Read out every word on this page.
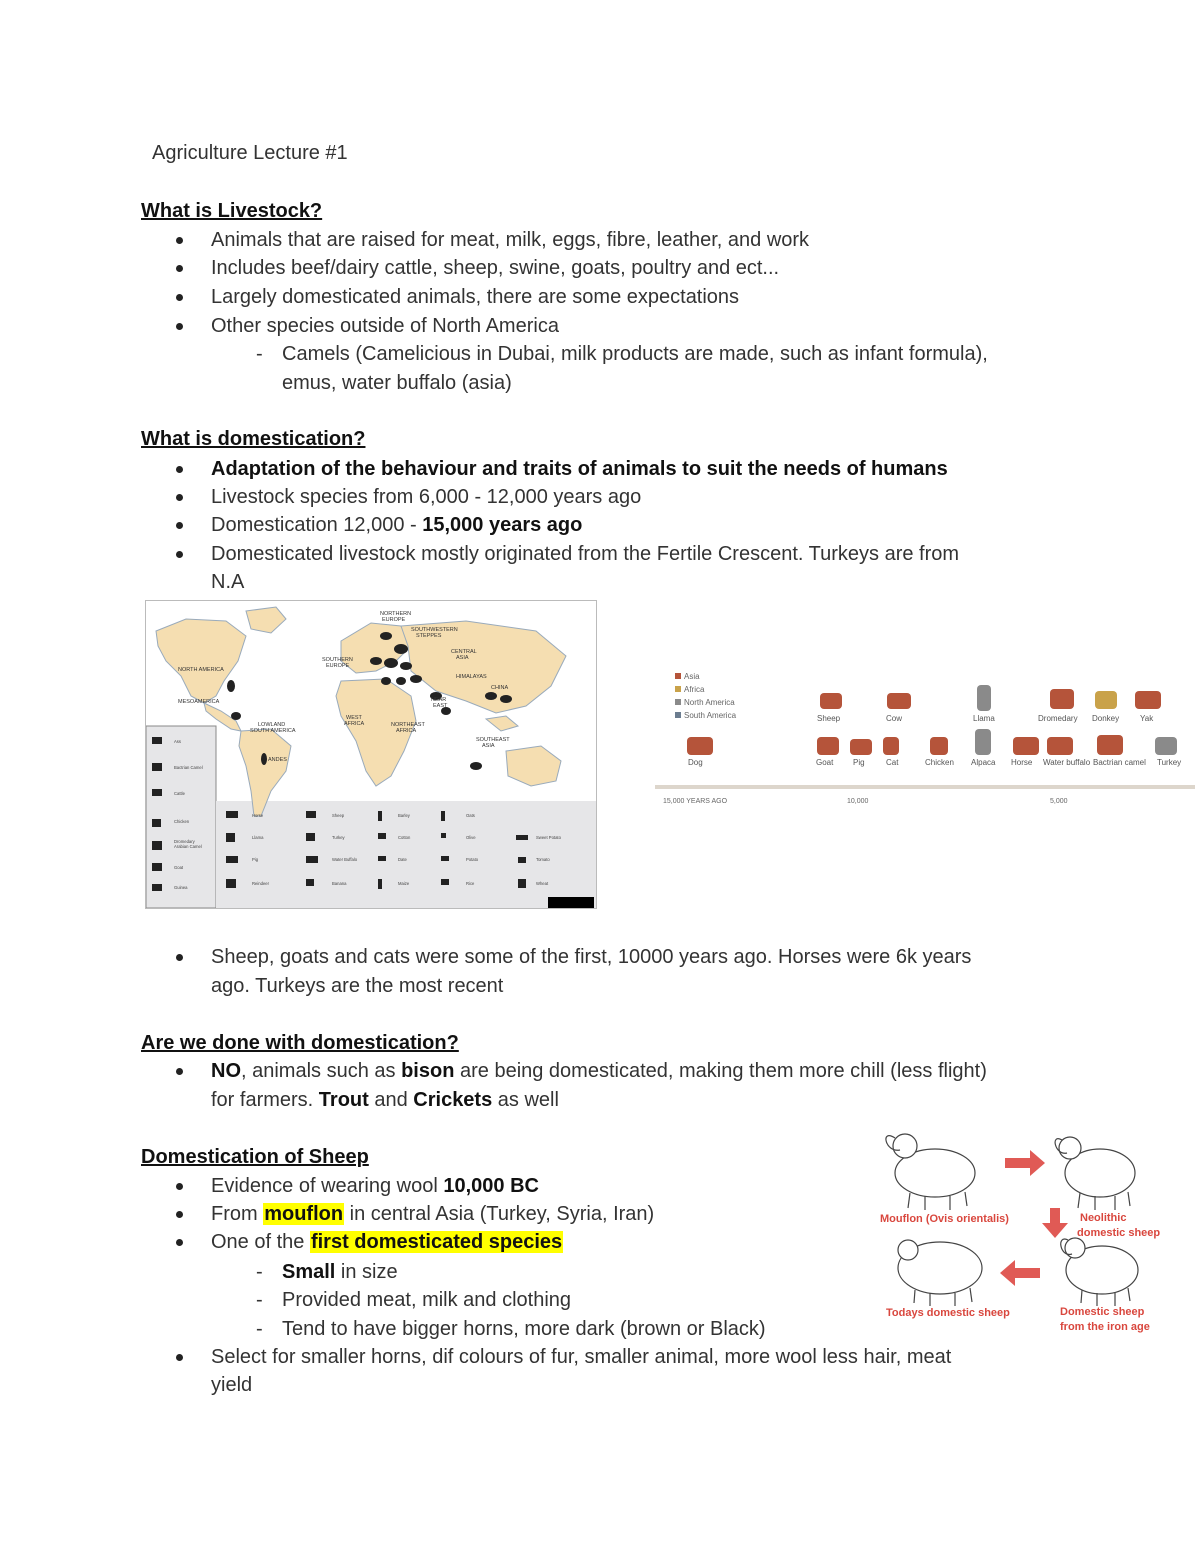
Agriculture Lecture #1
What is Livestock?
Animals that are raised for meat, milk, eggs, fibre, leather, and work
Includes beef/dairy cattle, sheep, swine, goats, poultry and ect...
Largely domesticated animals, there are some expectations
Other species outside of North America
- Camels (Camelicious in Dubai, milk products are made, such as infant formula),
emus, water buffalo (asia)
What is domestication?
Adaptation of the behaviour and traits of animals to suit the needs of humans
Livestock species from 6,000 - 12,000 years ago
Domestication 12,000 - 15,000 years ago
Domesticated livestock mostly originated from the Fertile Crescent. Turkeys are from
N.A
NORTHERN
EUROPE
SOUTHWESTERN
STEPPES
CENTRAL
ASIA
SOUTHERN
EUROPE
NORTH AMERICA
HIMALAYAS
CHINA
NEAR
EAST
MESOAMERICA
WEST
AFRICA	NORTHEAST
AFRICA
LOWLAND
SOUTH AMERICA
SOUTHEAST
ASIA
ANDES
Ass
Bactrian Camel
Cattle
Chicken
Dromedary
Arabian Camel
Goat
Guinea
Horse
Llama
Pig
Reindeer
Sheep
Turkey
Water Buffalo
Banana
Barley
Cotton
Date
Maize
Oats
Olive
Potato
Rice
Sweet Potato
Tomato
Wheat
Asia
Africa
North America
South America	Sheep	Cow	Llama	Dromedary Donkey	Yak
Dog	Goat Pig	Cat	Chicken Alpaca Horse Water buffalo Bactrian camel Turkey
15,000 YEARS AGO	10,000	5,000
Sheep, goats and cats were some of the first, 10000 years ago. Horses were 6k years
ago. Turkeys are the most recent
Are we done with domestication?
NO, animals such as bison are being domesticated, making them more chill (less flight)
for farmers. Trout and Crickets as well
Domestication of Sheep
Evidence of wearing wool 10,000 BC
From mouflon in central Asia (Turkey, Syria, Iran)
One of the first domesticated species
- Small in size
- Provided meat, milk and clothing
- Tend to have bigger horns, more dark (brown or Black)
Select for smaller horns, dif colours of fur, smaller animal, more wool less hair, meat
yield
Mouflon (Ovis orientalis)	Neolithic
domestic sheep
Todays domestic sheep	Domestic sheep
from the iron age
